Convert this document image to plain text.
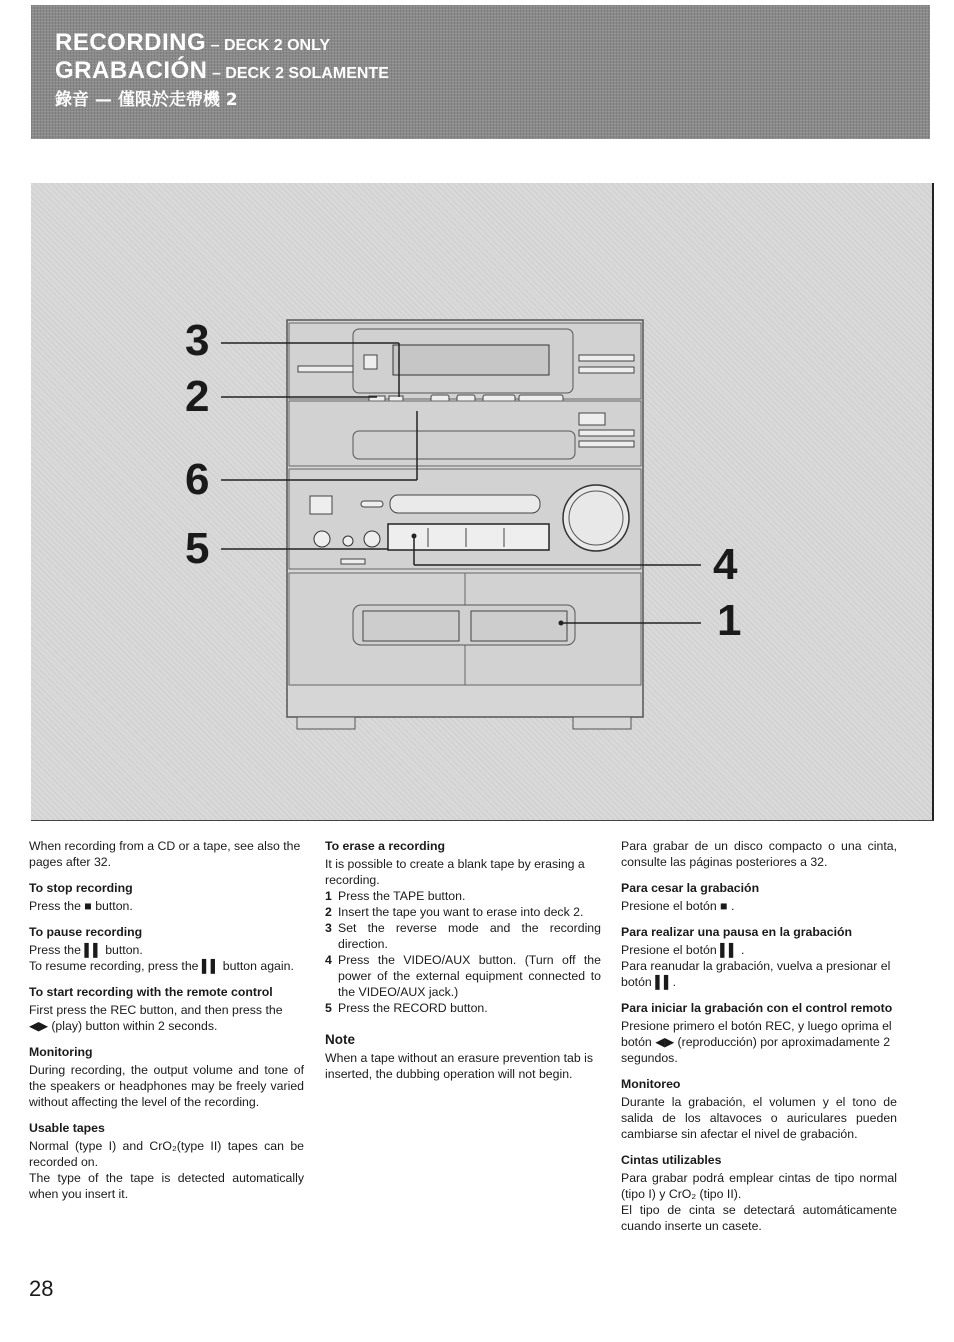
RECORDING – DECK 2 ONLY
GRABACIÓN – DECK 2 SOLAMENTE
錄音 — 僅限於走帶機 2
3
2
6
5	4
1

When recording from a CD or a tape, see also the pages after 32.

To stop recording

Press the ■ button.

To pause recording

Press the ▌▌ button.

To resume recording, press the ▌▌ button again.

To start recording with the remote control

First press the REC button, and then press the ◀▶ (play) button within 2 seconds.

Monitoring

During recording, the output volume and tone of the speakers or headphones may be freely varied without affecting the level of the recording.

Usable tapes

Normal (type I) and CrO₂(type II) tapes can be recorded on.

The type of the tape is detected automatically when you insert it.

To erase a recording

It is possible to create a blank tape by erasing a recording.

1 Press the TAPE button.
2 Insert the tape you want to erase into deck 2.
3 Set the reverse mode and the recording direction.
4 Press the VIDEO/AUX button. (Turn off the power of the external equipment connected to the VIDEO/AUX jack.)
5 Press the RECORD button.
Note

When a tape without an erasure prevention tab is inserted, the dubbing operation will not begin.

Para grabar de un disco compacto o una cinta, consulte las páginas posteriores a 32.

Para cesar la grabación

Presione el botón ■ .

Para realizar una pausa en la grabación

Presione el botón ▌▌ .

Para reanudar la grabación, vuelva a presionar el botón ▌▌.

Para iniciar la grabación con el control remoto

Presione primero el botón REC, y luego oprima el botón ◀▶ (reproducción) por aproximadamente 2 segundos.

Monitoreo

Durante la grabación, el volumen y el tono de salida de los altavoces o auriculares pueden cambiarse sin afectar el nivel de grabación.

Cintas utilizables

Para grabar podrá emplear cintas de tipo normal (tipo I) y CrO₂ (tipo II).

El tipo de cinta se detectará automáticamente cuando inserte un casete.

28
